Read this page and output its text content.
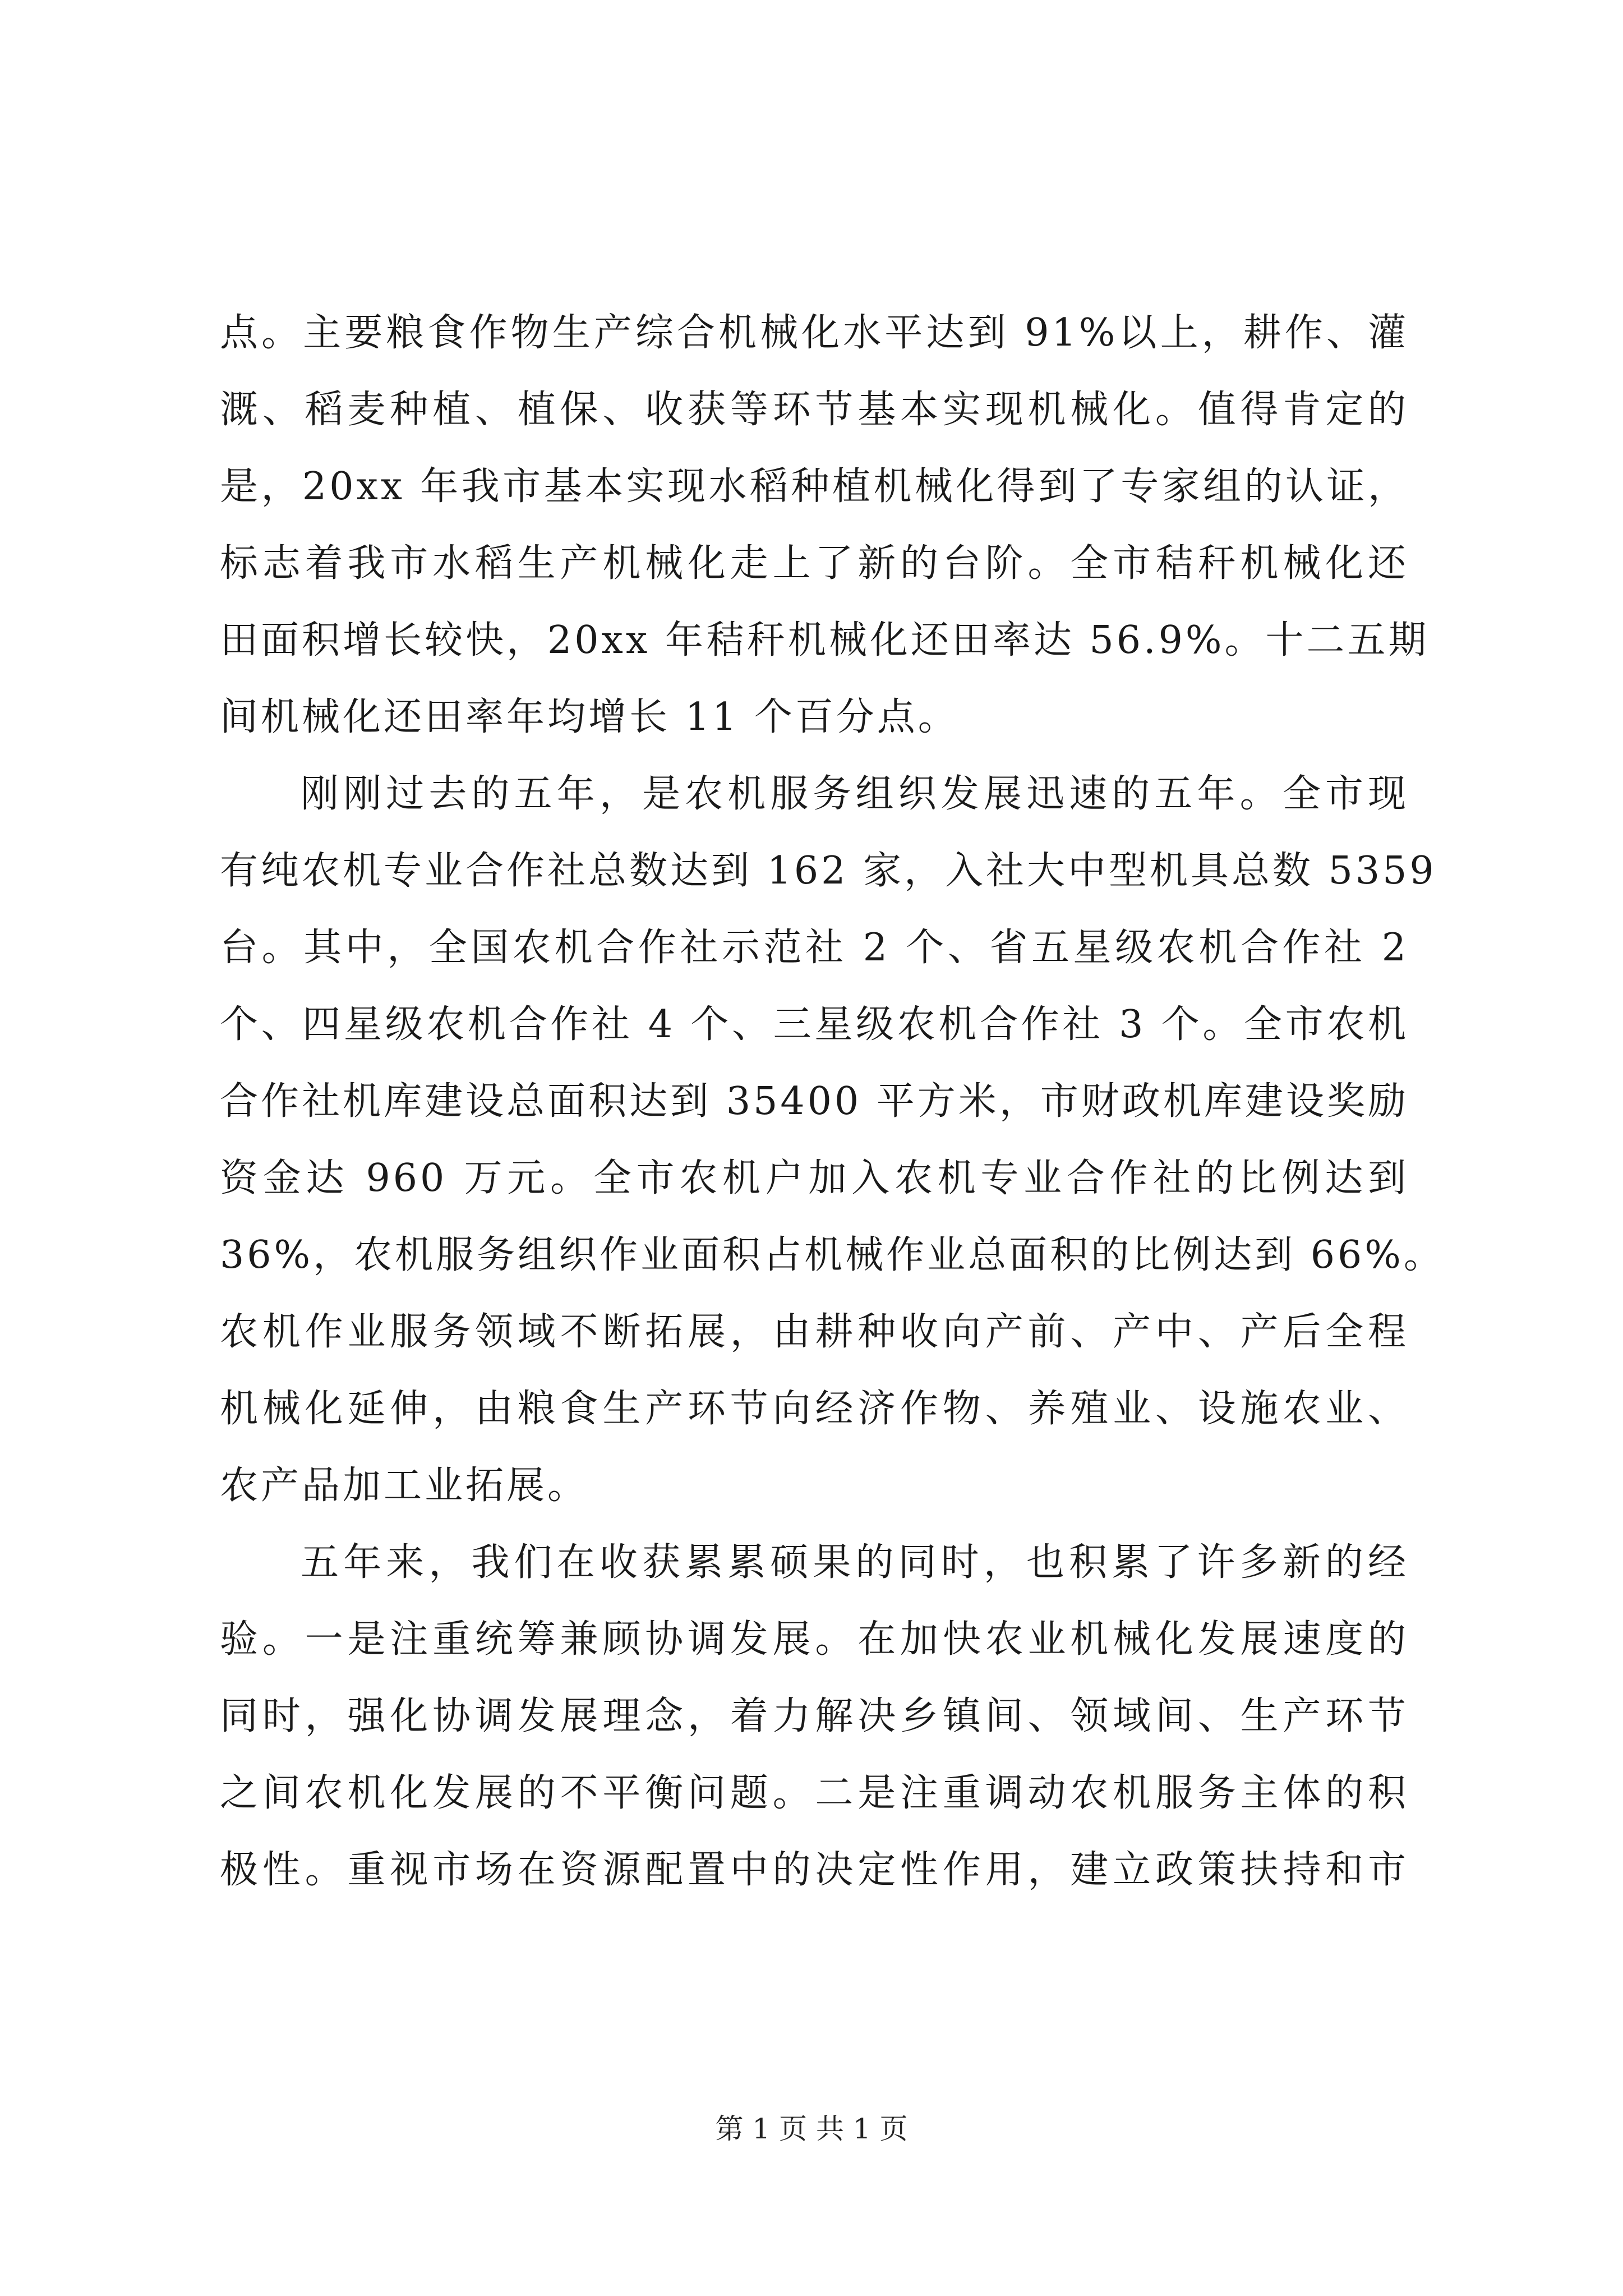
点。主要粮食作物生产综合机械化水平达到 91%以上，耕作、灌
溉、稻麦种植、植保、收获等环节基本实现机械化。值得肯定的
是，20xx 年我市基本实现水稻种植机械化得到了专家组的认证，
标志着我市水稻生产机械化走上了新的台阶。全市秸秆机械化还
田面积增长较快，20xx 年秸秆机械化还田率达 56.9%。十二五期
间机械化还田率年均增长 11 个百分点。
刚刚过去的五年，是农机服务组织发展迅速的五年。全市现
有纯农机专业合作社总数达到 162 家，入社大中型机具总数 5359
台。其中，全国农机合作社示范社 2 个、省五星级农机合作社 2
个、四星级农机合作社 4 个、三星级农机合作社 3 个。全市农机
合作社机库建设总面积达到 35400 平方米，市财政机库建设奖励
资金达 960 万元。全市农机户加入农机专业合作社的比例达到
36%，农机服务组织作业面积占机械作业总面积的比例达到 66%。
农机作业服务领域不断拓展，由耕种收向产前、产中、产后全程
机械化延伸，由粮食生产环节向经济作物、养殖业、设施农业、
农产品加工业拓展。
五年来，我们在收获累累硕果的同时，也积累了许多新的经
验。一是注重统筹兼顾协调发展。在加快农业机械化发展速度的
同时，强化协调发展理念，着力解决乡镇间、领域间、生产环节
之间农机化发展的不平衡问题。二是注重调动农机服务主体的积
极性。重视市场在资源配置中的决定性作用，建立政策扶持和市
第 1 页 共 1 页
